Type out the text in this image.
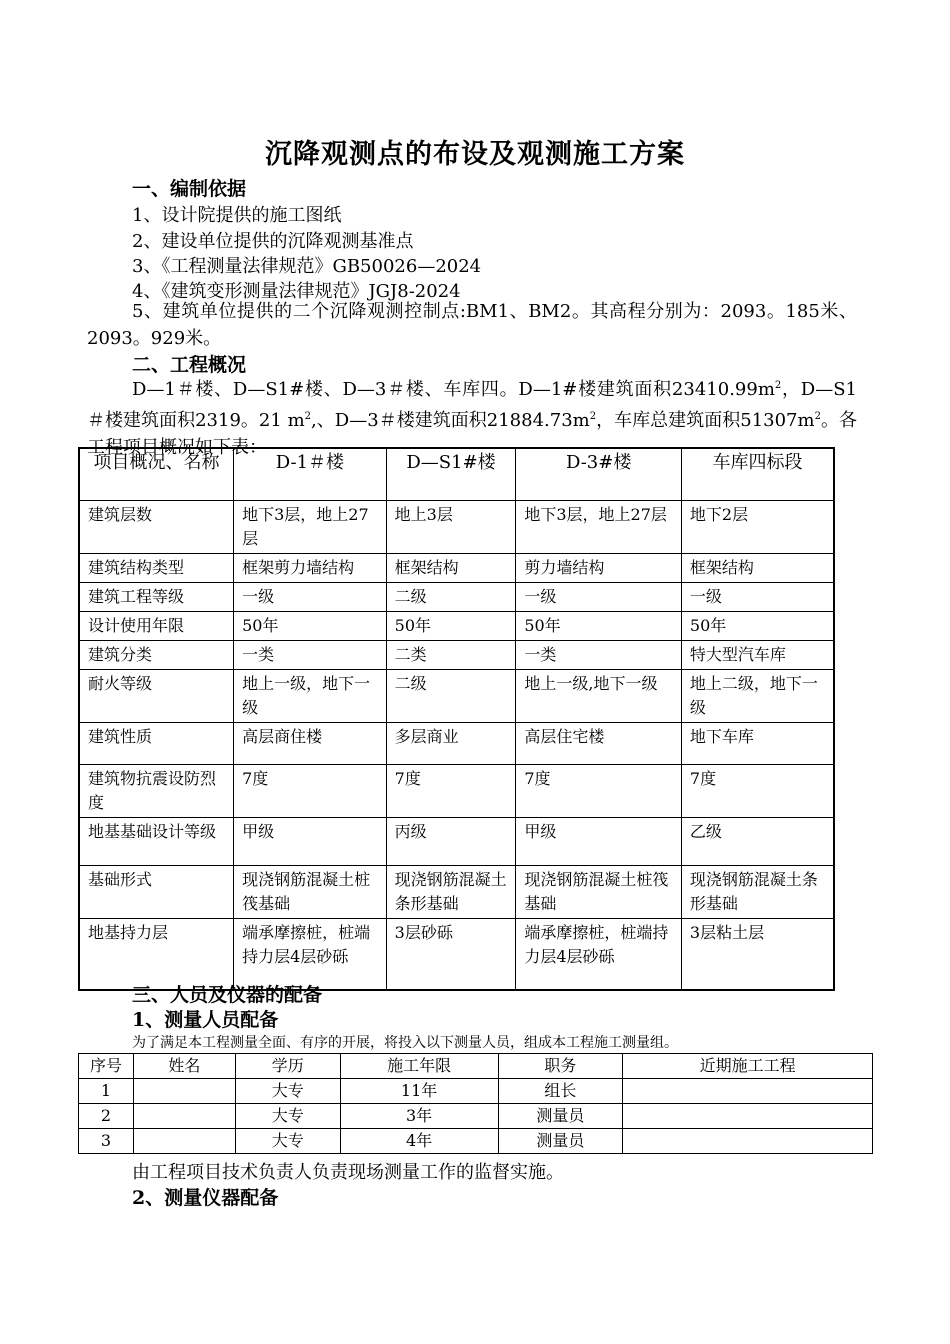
沉降观测点的布设及观测施工方案
一、编制依据
1、设计院提供的施工图纸
2、建设单位提供的沉降观测基准点
3、《工程测量法律规范》GB50026—2024
4、《建筑变形测量法律规范》JGJ8-2024
5、建筑单位提供的二个沉降观测控制点:BM1、BM2。其高程分别为：2093。185米、2093。929米。
二、工程概况
D—1＃楼、D—S1#楼、D—3＃楼、车库四。D—1#楼建筑面积$23410.99m^2$，D—S1＃楼建筑面积2319。21 $m^2$,、D—3＃楼建筑面积$21884.73m^2$，车库总建筑面积$51307m^2$。各工程项目概况如下表：
项目概况、名称	D-1＃楼	D—S1#楼	D-3#楼	车库四标段
建筑层数	地下3层，地上27层	地上3层	地下3层，地上27层	地下2层
建筑结构类型	框架剪力墙结构	框架结构	剪力墙结构	框架结构
建筑工程等级	一级	二级	一级	一级
设计使用年限	50年	50年	50年	50年
建筑分类	一类	二类	一类	特大型汽车库
耐火等级	地上一级，地下一级	二级	地上一级,地下一级	地上二级，地下一级
建筑性质	高层商住楼	多层商业	高层住宅楼	地下车库
建筑物抗震设防烈度	7度	7度	7度	7度
地基基础设计等级	甲级	丙级	甲级	乙级
基础形式	现浇钢筋混凝土桩筏基础	现浇钢筋混凝土条形基础	现浇钢筋混凝土桩筏基础	现浇钢筋混凝土条形基础
地基持力层	端承摩擦桩，桩端持力层4层砂砾	3层砂砾	端承摩擦桩，桩端持力层4层砂砾	3层粘土层
三、人员及仪器的配备
1、测量人员配备
为了满足本工程测量全面、有序的开展，将投入以下测量人员，组成本工程施工测量组。
序号	姓名	学历	施工年限	职务	近期施工工程
1		大专	11年	组长	
2		大专	3年	测量员	
3		大专	4年	测量员	
由工程项目技术负责人负责现场测量工作的监督实施。
2、测量仪器配备
